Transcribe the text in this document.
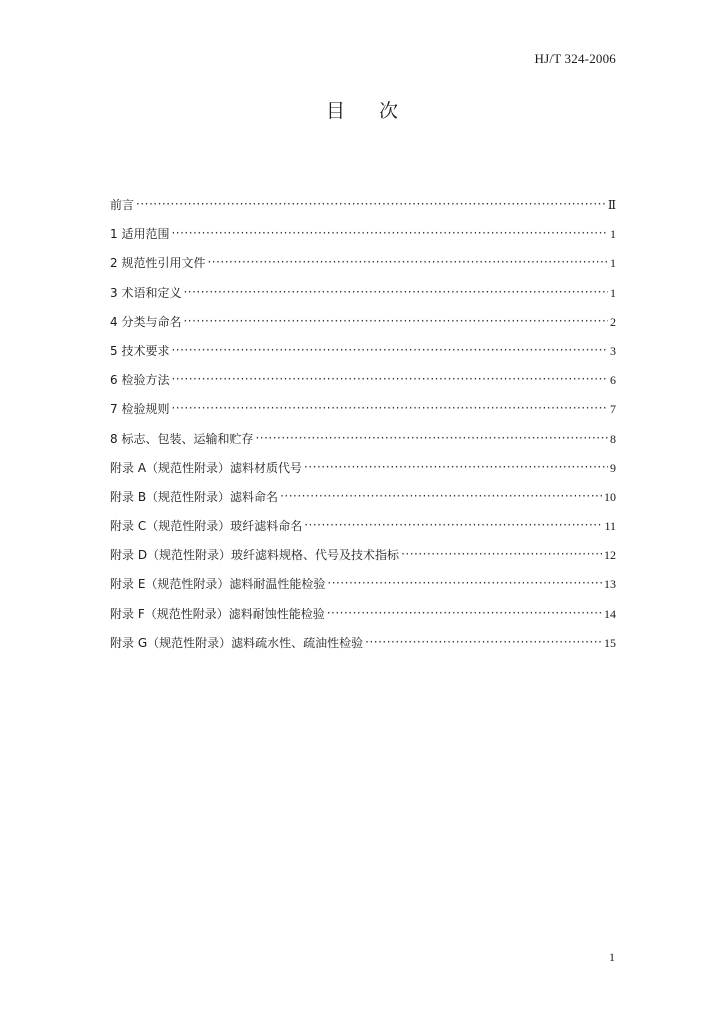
HJ/T 324-2006
目 次
前言 ·····	Ⅱ
1 适用范围 ·····	1
2 规范性引用文件 ·····	1
3 术语和定义 ·····	1
4 分类与命名 ·····	2
5 技术要求 ·····	3
6 检验方法 ·····	6
7 检验规则 ·····	7
8 标志、包装、运输和贮存 ·····	8
附录 A（规范性附录）滤料材质代号 ·····	9
附录 B（规范性附录）滤料命名 ·····	10
附录 C（规范性附录）玻纤滤料命名 ·····	11
附录 D（规范性附录）玻纤滤料规格、代号及技术指标 ·····	12
附录 E（规范性附录）滤料耐温性能检验 ·····	13
附录 F（规范性附录）滤料耐蚀性能检验 ·····	14
附录 G（规范性附录）滤料疏水性、疏油性检验 ·····	15
1
